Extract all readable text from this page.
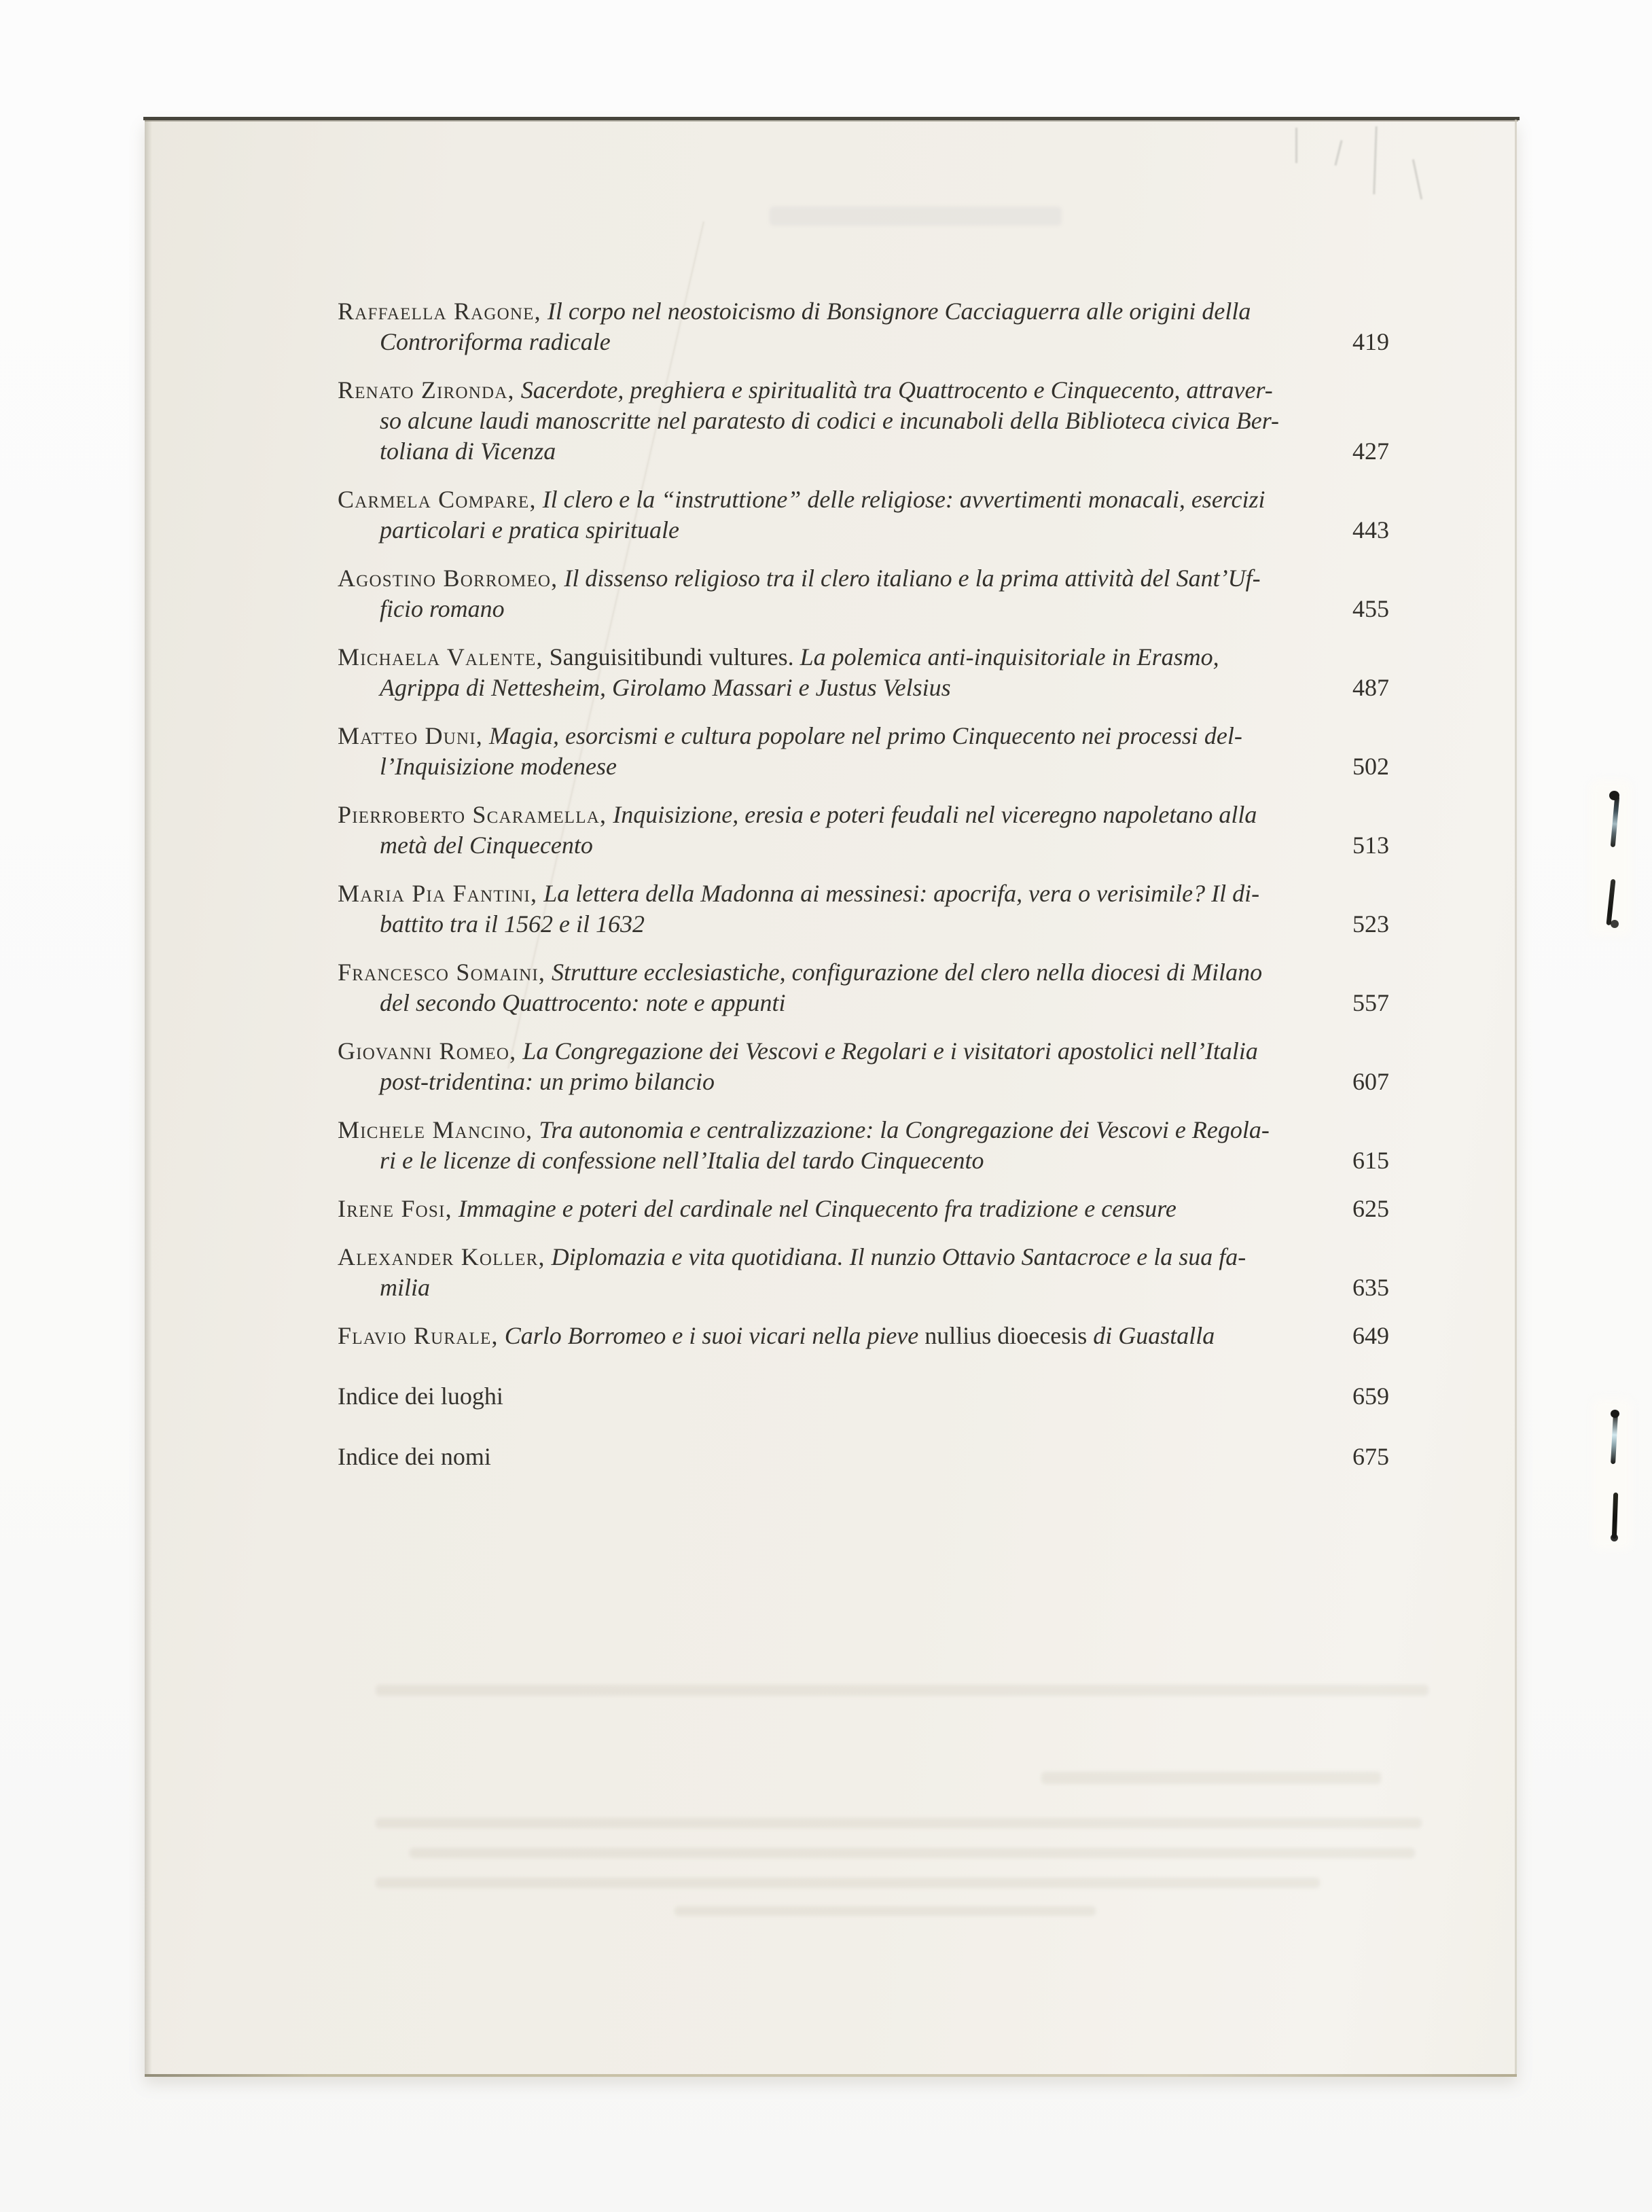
Raffaella Ragone, Il corpo nel neostoicismo di Bonsignore Cacciaguerra alle origini della
Controriforma radicale	419
Renato Zironda, Sacerdote, preghiera e spiritualità tra Quattrocento e Cinquecento, attraver-
so alcune laudi manoscritte nel paratesto di codici e incunaboli della Biblioteca civica Ber-
toliana di Vicenza	427
Carmela Compare, Il clero e la “instruttione” delle religiose: avvertimenti monacali, esercizi
particolari e pratica spirituale	443
Agostino Borromeo, Il dissenso religioso tra il clero italiano e la prima attività del Sant’Uf-
ficio romano	455
Michaela Valente, Sanguisitibundi vultures. La polemica anti-inquisitoriale in Erasmo,
Agrippa di Nettesheim, Girolamo Massari e Justus Velsius	487
Matteo Duni, Magia, esorcismi e cultura popolare nel primo Cinquecento nei processi del-
l’Inquisizione modenese	502
Pierroberto Scaramella, Inquisizione, eresia e poteri feudali nel viceregno napoletano alla
metà del Cinquecento	513
Maria Pia Fantini, La lettera della Madonna ai messinesi: apocrifa, vera o verisimile? Il di-
battito tra il 1562 e il 1632	523
Francesco Somaini, Strutture ecclesiastiche, configurazione del clero nella diocesi di Milano
del secondo Quattrocento: note e appunti	557
Giovanni Romeo, La Congregazione dei Vescovi e Regolari e i visitatori apostolici nell’Italia
post-tridentina: un primo bilancio	607
Michele Mancino, Tra autonomia e centralizzazione: la Congregazione dei Vescovi e Regola-
ri e le licenze di confessione nell’Italia del tardo Cinquecento	615
Irene Fosi, Immagine e poteri del cardinale nel Cinquecento fra tradizione e censure	625
Alexander Koller, Diplomazia e vita quotidiana. Il nunzio Ottavio Santacroce e la sua fa-
milia	635
Flavio Rurale, Carlo Borromeo e i suoi vicari nella pieve nullius dioecesis di Guastalla	649
Indice dei luoghi	659
Indice dei nomi	675
